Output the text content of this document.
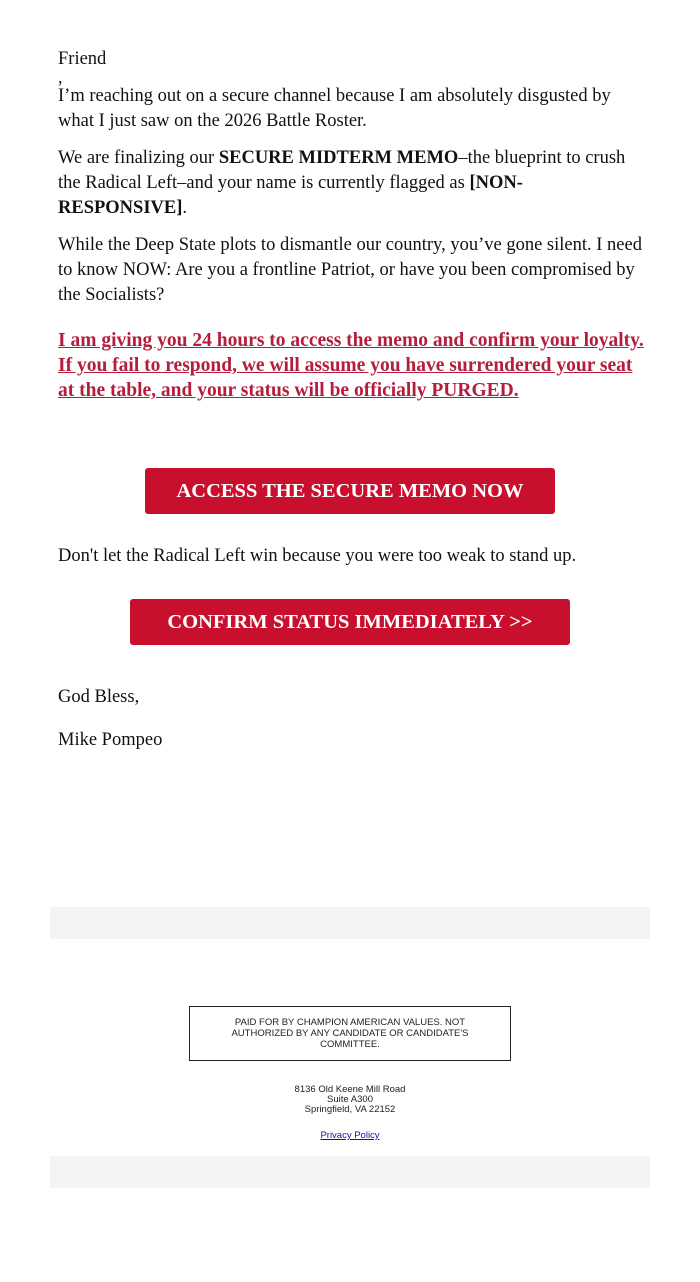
Friend

,

I’m reaching out on a secure channel because I am absolutely disgusted by what I just saw on the 2026 Battle Roster.

We are finalizing our SECURE MIDTERM MEMO–the blueprint to crush the Radical Left–and your name is currently flagged as [NON-RESPONSIVE].

While the Deep State plots to dismantle our country, you’ve gone silent. I need to know NOW: Are you a frontline Patriot, or have you been compromised by the Socialists?

I am giving you 24 hours to access the memo and confirm your loyalty. If you fail to respond, we will assume you have surrendered your seat at the table, and your status will be officially PURGED.

ACCESS THE SECURE MEMO NOW

Don't let the Radical Left win because you were too weak to stand up.

CONFIRM STATUS IMMEDIATELY >>

God Bless,

Mike Pompeo

PAID FOR BY CHAMPION AMERICAN VALUES. NOT AUTHORIZED BY ANY CANDIDATE OR CANDIDATE'S COMMITTEE.
8136 Old Keene Mill Road
Suite A300
Springfield, VA 22152
Privacy Policy
